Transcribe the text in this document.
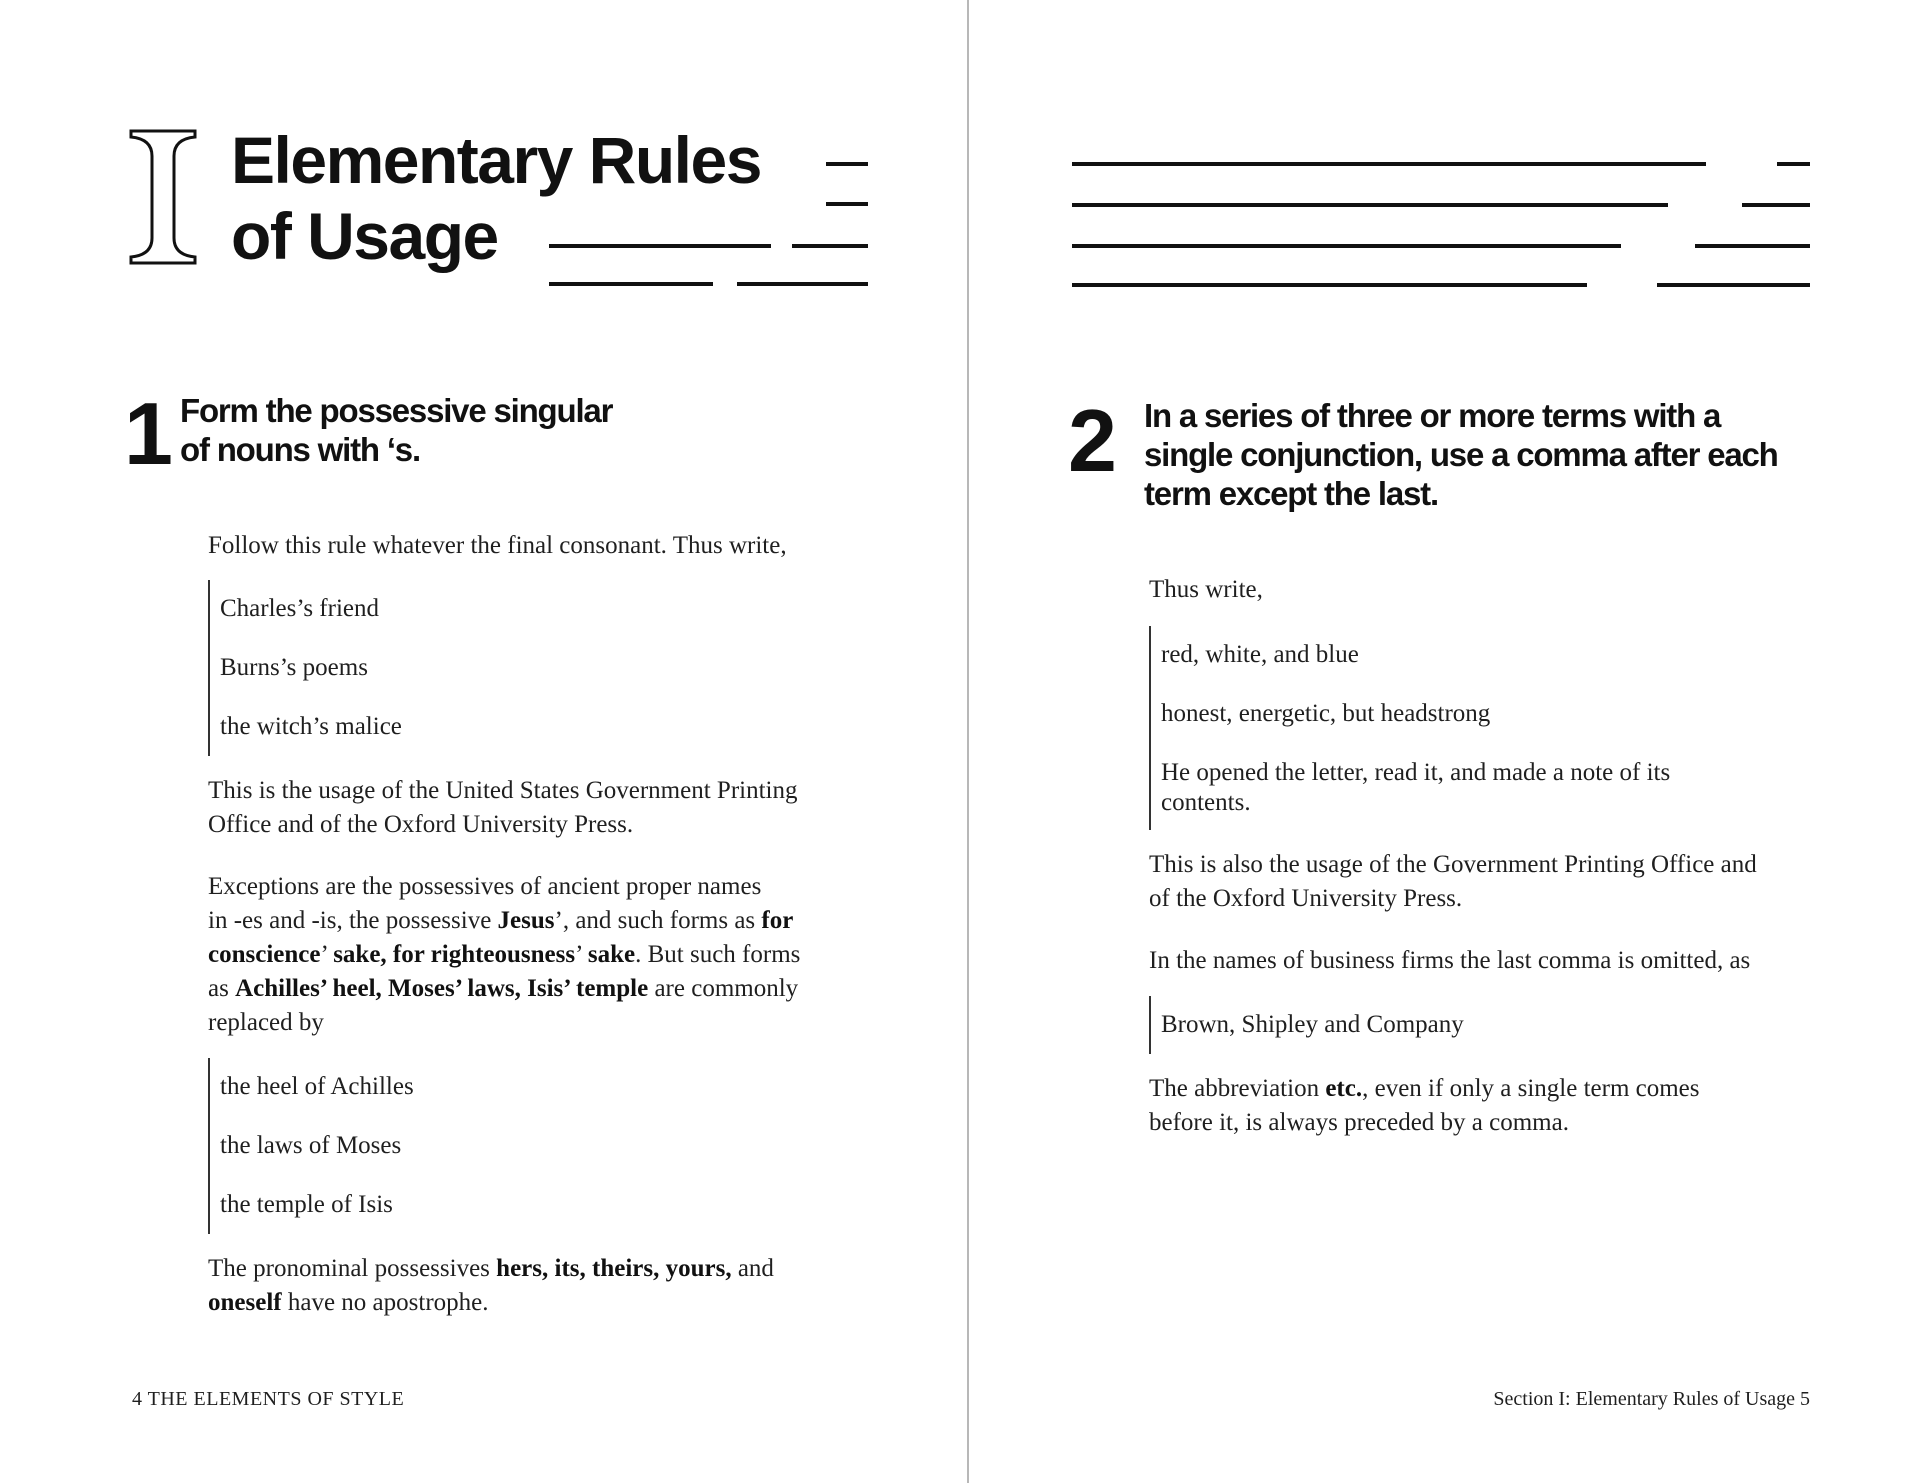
Elementary Rules
of Usage
1 Form the possessive singular
of nouns with ‘s.

Follow this rule whatever the final consonant. Thus write,

Charles’s friend

Burns’s poems

the witch’s malice

This is the usage of the United States Government Printing
Office and of the Oxford University Press.

Exceptions are the possessives of ancient proper names
in -es and -is, the possessive Jesus’, and such forms as for
conscience’ sake, for righteousness’ sake. But such forms
as Achilles’ heel, Moses’ laws, Isis’ temple are commonly
replaced by

the heel of Achilles

the laws of Moses

the temple of Isis

The pronominal possessives hers, its, theirs, yours, and
oneself have no apostrophe.

4 THE ELEMENTS OF STYLE

2 In a series of three or more terms with a
single conjunction, use a comma after each
term except the last.

Thus write,

red, white, and blue

honest, energetic, but headstrong

He opened the letter, read it, and made a note of its
contents.

This is also the usage of the Government Printing Office and
of the Oxford University Press.

In the names of business firms the last comma is omitted, as

Brown, Shipley and Company

The abbreviation etc., even if only a single term comes
before it, is always preceded by a comma.

Section I: Elementary Rules of Usage 5
